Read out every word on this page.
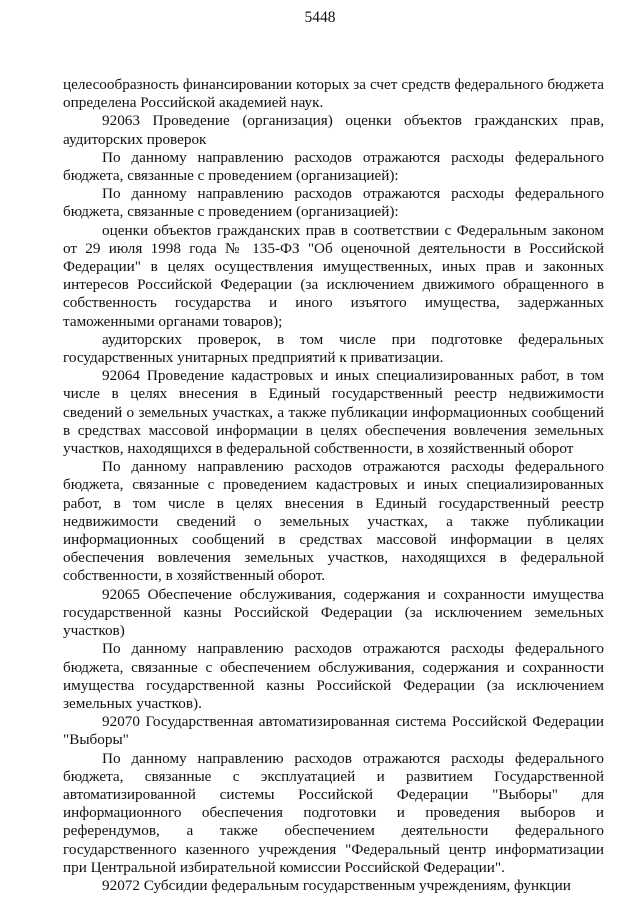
5448

целесообразность финансировании которых за счет средств федерального бюджета определена Российской академией наук.

92063 Проведение (организация) оценки объектов гражданских прав, аудиторских проверок

По данному направлению расходов отражаются расходы федерального бюджета, связанные с проведением (организацией):

По данному направлению расходов отражаются расходы федерального бюджета, связанные с проведением (организацией):

оценки объектов гражданских прав в соответствии с Федеральным законом от 29 июля 1998 года № 135-ФЗ "Об оценочной деятельности в Российской Федерации" в целях осуществления имущественных, иных прав и законных интересов Российской Федерации (за исключением движимого обращенного в собственность государства и иного изъятого имущества, задержанных таможенными органами товаров);

аудиторских проверок, в том числе при подготовке федеральных государственных унитарных предприятий к приватизации.

92064 Проведение кадастровых и иных специализированных работ, в том числе в целях внесения в Единый государственный реестр недвижимости сведений о земельных участках, а также публикации информационных сообщений в средствах массовой информации в целях обеспечения вовлечения земельных участков, находящихся в федеральной собственности, в хозяйственный оборот

По данному направлению расходов отражаются расходы федерального бюджета, связанные с проведением кадастровых и иных специализированных работ, в том числе в целях внесения в Единый государственный реестр недвижимости сведений о земельных участках, а также публикации информационных сообщений в средствах массовой информации в целях обеспечения вовлечения земельных участков, находящихся в федеральной собственности, в хозяйственный оборот.

92065 Обеспечение обслуживания, содержания и сохранности имущества государственной казны Российской Федерации (за исключением земельных участков)

По данному направлению расходов отражаются расходы федерального бюджета, связанные с обеспечением обслуживания, содержания и сохранности имущества государственной казны Российской Федерации (за исключением земельных участков).

92070 Государственная автоматизированная система Российской Федерации "Выборы"

По данному направлению расходов отражаются расходы федерального бюджета, связанные с эксплуатацией и развитием Государственной автоматизированной системы Российской Федерации "Выборы" для информационного обеспечения подготовки и проведения выборов и референдумов, а также обеспечением деятельности федерального государственного казенного учреждения "Федеральный центр информатизации при Центральной избирательной комиссии Российской Федерации".

92072 Субсидии федеральным государственным учреждениям, функции
